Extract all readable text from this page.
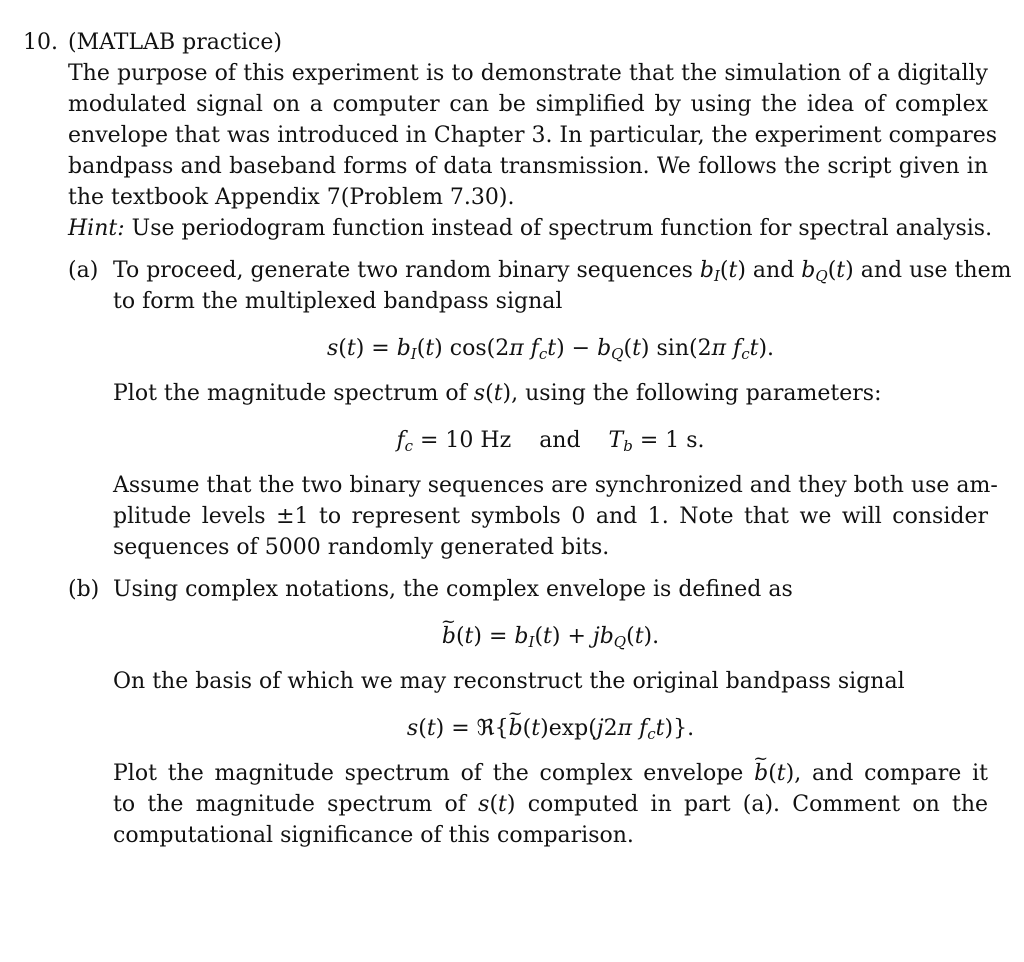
10. (MATLAB practice)
The purpose of this experiment is to demonstrate that the simulation of a digitally
modulated signal on a computer can be simplified by using the idea of complex
envelope that was introduced in Chapter 3. In particular, the experiment compares
bandpass and baseband forms of data transmission. We follows the script given in
the textbook Appendix 7(Problem 7.30).
Hint: Use periodogram function instead of spectrum function for spectral analysis.
(a) To proceed, generate two random binary sequences $b_I(t)$ and $b_Q(t)$ and use them
to form the multiplexed bandpass signal
$s(t) = b_I(t)$ cos(2π $f_ct) - b_Q(t)$ sin(2π $f_ct$).
Plot the magnitude spectrum of s(t), using the following parameters:
$f_c = 10$ Hz and $T_b = 1$ s.
Assume that the two binary sequences are synchronized and they both use am-
plitude levels ±1 to represent symbols 0 and 1. Note that we will consider
sequences of 5000 randomly generated bits.
(b) Using complex notations, the complex envelope is defined as
~ $b(t) = b_I(t) + jb_Q(t)$.
On the basis of which we may reconstruct the original bandpass signal
s(t) = ℜ{~ b(t)exp(j2π $f_ct$)}.
Plot the magnitude spectrum of the complex envelope ~ b(t), and compare it
to the magnitude spectrum of s(t) computed in part (a). Comment on the
computational significance of this comparison.
